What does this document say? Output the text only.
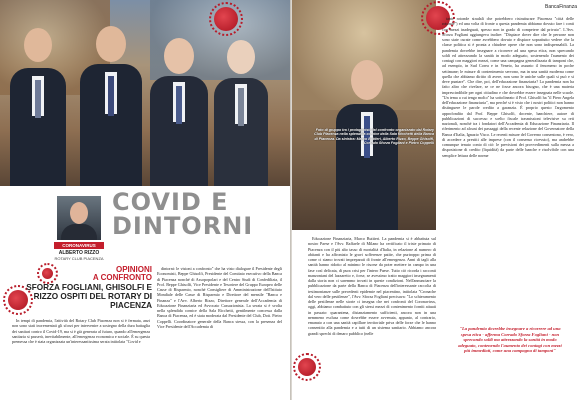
COVID E
DINTORNI
CORONAVIRUS
ALBERTO RIZZO
ROTARY CLUB PIACENZA
OPINIONI
A CONFRONTO
SFORZA FOGLIANI, GHISOLFI E RIZZO OSPITI DEL ROTARY DI PIACENZA

In tempi di pandemia, l'attività del Rotary Club Piacenza non si è fermata, anzi non sono stati incrementati gli sforzi per intervenire a sostegno della dura battaglia dei sanitari contro il Covid-19, ma si è già generata al futuro, quando all'emergenza sanitaria si passerà, inevitabilmente, all'emergenza economica e sociale. È su questa premessa che è stata organizzata un'interessantissima serata intitolata "Covid e

dintorni: le visioni a confronto" che ha visto dialogare il Presidente degli Economisti, Beppe Ghisolfi, Presidente del Comitato esecutivo della Banca di Piacenza nonché di Assopopolari e del Centro Studi di Confedilizia, il Prof. Beppe Ghisolfi, Vice Presidente e Tesoriere del Gruppo Europeo delle Casse di Risparmio, nonché Consigliere di Amministrazione dell'Istituto Mondiale delle Casse di Risparmio e Direttore del mensile "Banca e Finanza" e l'Avv. Alberto Rizzo, Direttore generale dell'Accademia di Educazione Finanziaria ed Avvocato Cassazionista. La serata si è svolta nella splendida cornice della Sala Ricchetti, gentilmente concessa dalla Banca di Piacenza, ed è stata moderata dal Presidente del Club, Dott. Pietro Coppelli. Coordinatore generale della Banca stessa, con la presenza del Vice Presidente dell'Accademia di

BancaFinanza
Foto di gruppo tra i protagonisti del confronto organizzato dal Rotary Club Piacenza nella splendida cornice della Sala Ricchetti della Banca di Piacenza. Da sinistra: Marco Buttieri, Alberto Rizzo, Beppe Ghisolfi, Corrado Sforza Fogliani e Pietro Coppelli

Educazione Finanziaria, Marco Buttieri. La pandemia si è abbattuta sul nostro Paese e l'Avv. Raffaele di Milano ha certificato il triste primato di Piacenza con il più alto tasso di mortalità d'Italia, in relazione al numero di abitanti e ha affrontato le gravi sofferenze patite, che purtroppo prima di come ci siamo trovati impreparati di fronte all'emergenza. Anni di tagli alla sanità hanno ridotto al minimo le risorse da poter mettere in campo in una fase così delicata, di pura crisi per l'intero Paese. Tutto ciò ricorda i racconti manzoniani del lazzaretto e, forse, se avessimo tratto maggiori insegnamenti dalla storia non ci saremmo trovati in queste condizioni. Nell'annunciare la pubblicazione da parte della Banca di Piacenza dell'interessante raccolta di testimonianze sulle precedenti epidemie nel piacentino, intitolata "Cronache dal vero delle pestilenze", l'Avv. Sforza Fogliani precisava: "Lo schieramento delle pestilenze nelle storie ci insegna che nei confronti del Coronavirus, oggi, abbiamo combattuto con gli stessi mezzi di contenimento forniti attuati in passato: quarantena, distanziamento sufficienti, ancora non in una nemmeno esclusa come dovrebbe essere avvenuta, appunto, al contrario, emanato a con una sanità capillare territoriale priva delle forze che le hanno consentito alla pandemia e a tutti di un sistema sanitario. Abbiamo ancora grandi sprechi di denaro pubblico (nelle

tante rotonde stradali che potrebbero ristrutturare Piacenza "città delle rotonde") ed una volta di fronte a questa pandemia abbiamo dovuto fare i conti con mezzi inadeguati, spesso non in grado di competere dal privato". L'Avv. Sforza Fogliani aggiungeva inoltre: "Dispiace dover dire che le persone non sono state curate come avrebbero dovuto e dispiace soprattutto vedere che la classe politica si è pronta a chiudere opere che non sono indispensabili. La pandemia dovrebbe insegnare a ricorrere ad una spesa etica, non sprecando soldi ed attrezzando la sanità in modo adeguato, sostenendo l'aumento dei contagi con maggiori mezzi, come una campagna generalizzata di tamponi che, ad esempio, in Sud Corea e in Veneto, ha assunto il fenomeno in poche settimane; le misure di contenimento servono, ma in una sanità moderna come quella che abbiamo diritto di avere, non sono le uniche sulle quali si può e si deve puntare". Che dire, poi, dell'educazione finanziaria? La pandemia non ha fatto altro che rivelare, se ce ne fosse ancora bisogno, che è una materia imprescindibile per ogni cittadino e che dovrebbe essere insegnata nelle scuole. "Un tema a cui tengo molto" ha sottolineato il Prof. Ghisolfi ha "il Piero Angela dell'educazione finanziaria", ma perché si è visto che i nostri politici non hanno distinguere le parole credito a garanzia. È proprio questo l'argomento approfondito dal Prof. Beppe Ghisolfi, docente, banchiere, autore di pubblicazioni di successo e scelto fiscale trasmissioni televisive su reti nazionali, nonché tra i fondatori dell'Accademia di Educazione Finanziaria. Il riferimento ad alcuni dei passaggi della recente relazione del Governatore della Banca d'Italia, Ignazio Visco. Le recenti misure del Governo consentono, è vero, di accedere a prestiti alle imprese (con il consenso ricevuto), ma andrebbe comunque tenuto conto di ciò: le previsioni dei provvedimenti sulla messa a disposizione di credito (liquidità) da parte delle banche e risolvibile con una semplice lettura delle norme

"La pandemia dovrebbe insegnare a ricorrere ad una spesa etica - afferma Corrado Sforza Fogliani - non sprecando soldi ma attrezzando la sanità in modo adeguato, contenendo l'aumento dei contagi con mezzi più immediati, come una campagna di tamponi"
